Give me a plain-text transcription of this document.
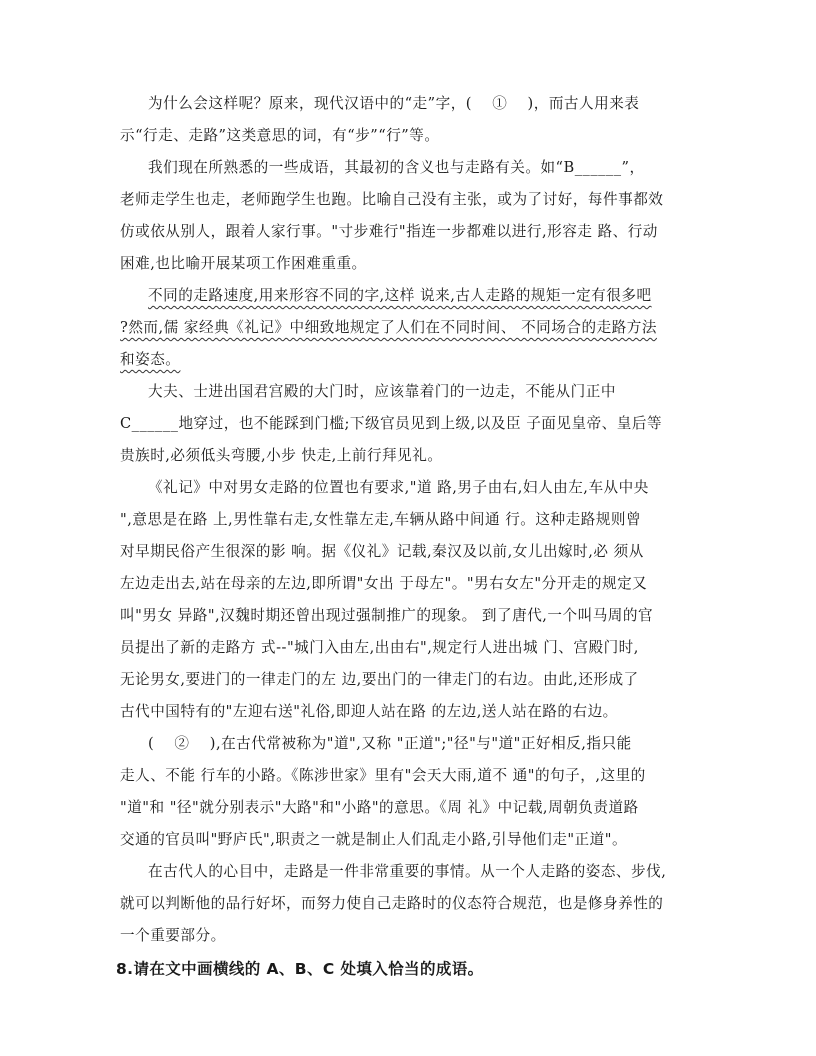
为什么会这样呢？原来，现代汉语中的“走”字，(　 ①　 )，而古人用来表
示“行走、走路”这类意思的词，有“步”“行”等。
我们现在所熟悉的一些成语，其最初的含义也与走路有关。如“B______”，
老师走学生也走，老师跑学生也跑。比喻自己没有主张，或为了讨好，每件事都效
仿或依从别人，跟着人家行事。"寸步难行"指连一步都难以进行,形容走 路、行动
困难,也比喻开展某项工作困难重重。
不同的走路速度,用来形容不同的字,这样 说来,古人走路的规矩一定有很多吧
?然而,儒 家经典《礼记》中细致地规定了人们在不同时间、 不同场合的走路方法
和姿态。
大夫、士进出国君宫殿的大门时，应该靠着门的一边走，不能从门正中
C______地穿过，也不能踩到门槛;下级官员见到上级,以及臣 子面见皇帝、皇后等
贵族时,必须低头弯腰,小步 快走,上前行拜见礼。
《礼记》中对男女走路的位置也有要求,"道 路,男子由右,妇人由左,车从中央
",意思是在路 上,男性靠右走,女性靠左走,车辆从路中间通 行。这种走路规则曾
对早期民俗产生很深的影 响。据《仪礼》记载,秦汉及以前,女儿出嫁时,必 须从
左边走出去,站在母亲的左边,即所谓"女出 于母左"。"男右女左"分开走的规定又
叫"男女 异路",汉魏时期还曾出现过强制推广的现象。 到了唐代,一个叫马周的官
员提出了新的走路方 式--"城门入由左,出由右",规定行人进出城 门、宫殿门时,
无论男女,要进门的一律走门的左 边,要出门的一律走门的右边。由此,还形成了
古代中国特有的"左迎右送"礼俗,即迎人站在路 的左边,送人站在路的右边。
(　 ②　 ),在古代常被称为"道",又称 "正道";"径"与"道"正好相反,指只能
走人、不能 行车的小路。《陈涉世家》里有"会天大雨,道不 通"的句子，,这里的
"道"和 "径"就分别表示"大路"和"小路"的意思。《周 礼》中记载,周朝负责道路
交通的官员叫"野庐氏",职责之一就是制止人们乱走小路,引导他们走"正道"。
在古代人的心目中，走路是一件非常重要的事情。从一个人走路的姿态、步伐,
就可以判断他的品行好坏，而努力使自己走路时的仪态符合规范，也是修身养性的
一个重要部分。
8.请在文中画横线的 A、B、C 处填入恰当的成语。
